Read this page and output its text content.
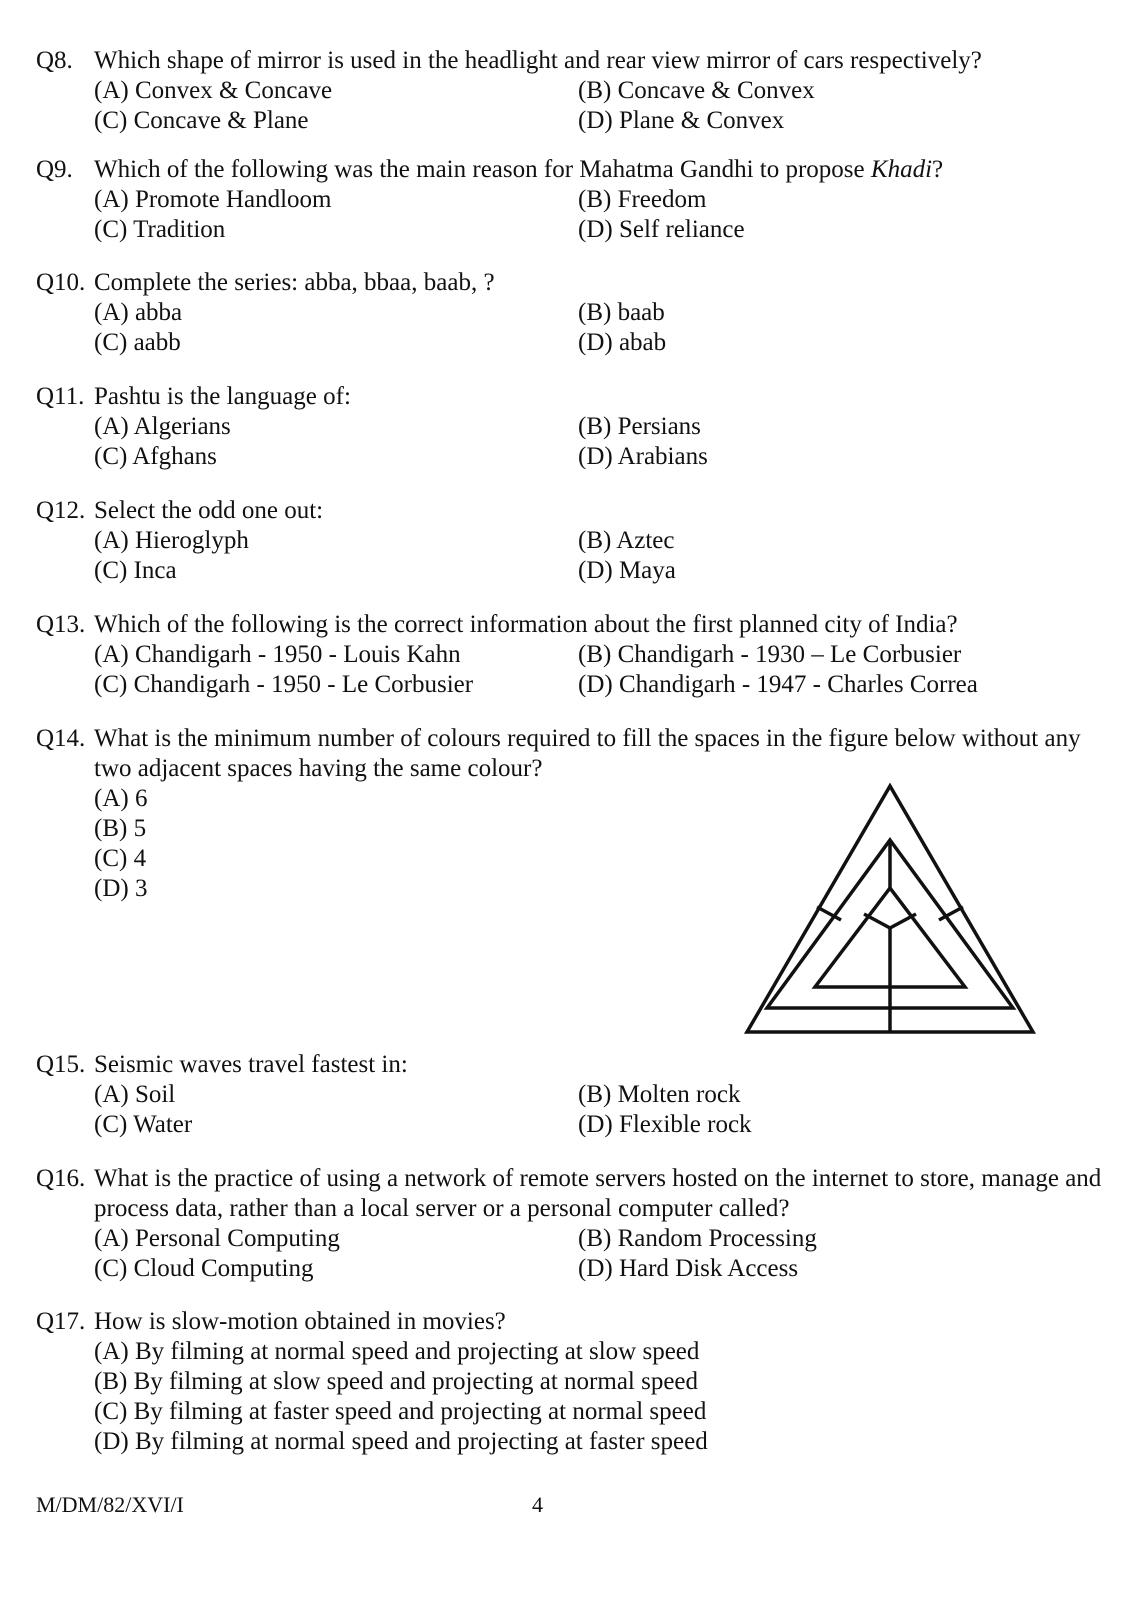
Q8. Which shape of mirror is used in the headlight and rear view mirror of cars respectively?
(A) Convex & Concave	(B) Concave & Convex
(C) Concave & Plane	(D) Plane & Convex
Q9. Which of the following was the main reason for Mahatma Gandhi to propose Khadi?
(A) Promote Handloom	(B) Freedom
(C) Tradition	(D) Self reliance
Q10. Complete the series: abba, bbaa, baab, ?
(A) abba	(B) baab
(C) aabb	(D) abab
Q11. Pashtu is the language of:
(A) Algerians	(B) Persians
(C) Afghans	(D) Arabians
Q12. Select the odd one out:
(A) Hieroglyph	(B) Aztec
(C) Inca	(D) Maya
Q13. Which of the following is the correct information about the first planned city of India?
(A) Chandigarh - 1950 - Louis Kahn	(B) Chandigarh - 1930 – Le Corbusier
(C) Chandigarh - 1950 - Le Corbusier	(D) Chandigarh - 1947 - Charles Correa
Q14. What is the minimum number of colours required to fill the spaces in the figure below without any two adjacent spaces having the same colour?
(A) 6
(B) 5
(C) 4
(D) 3
Q15. Seismic waves travel fastest in:
(A) Soil	(B) Molten rock
(C) Water	(D) Flexible rock
Q16. What is the practice of using a network of remote servers hosted on the internet to store, manage and process data, rather than a local server or a personal computer called?
(A) Personal Computing	(B) Random Processing
(C) Cloud Computing	(D) Hard Disk Access
Q17. How is slow-motion obtained in movies?
(A) By filming at normal speed and projecting at slow speed
(B) By filming at slow speed and projecting at normal speed
(C) By filming at faster speed and projecting at normal speed
(D) By filming at normal speed and projecting at faster speed
M/DM/82/XVI/I	4
